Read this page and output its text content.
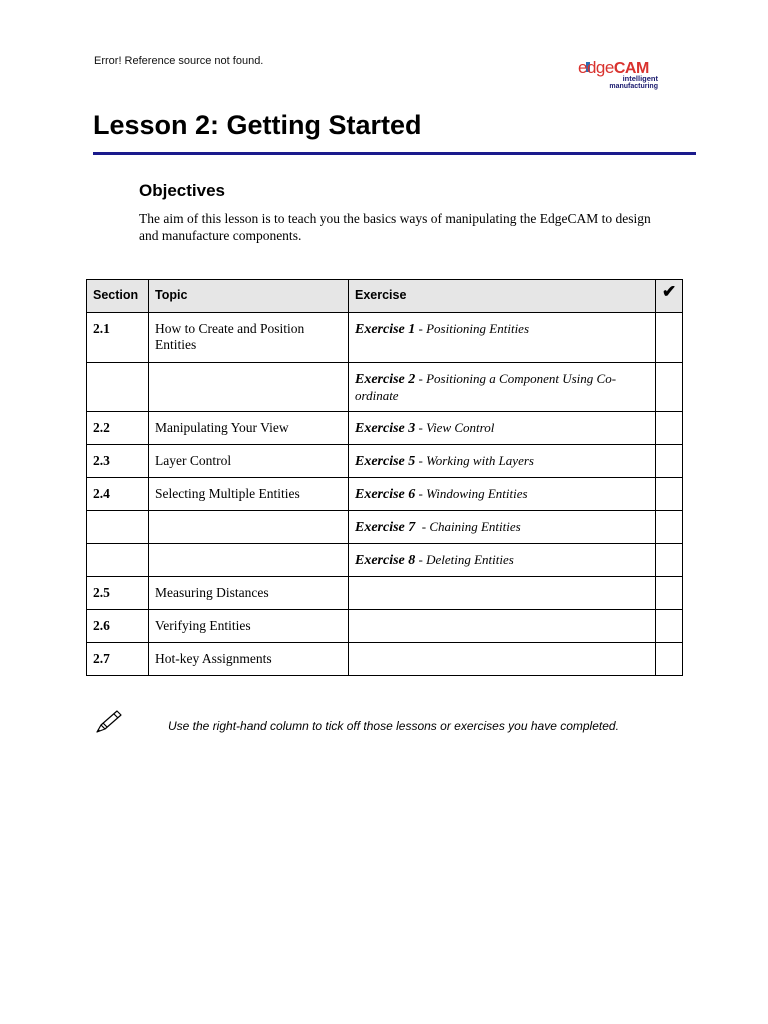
Error! Reference source not found.	edgeCAM
intelligent
manufacturing
Lesson 2: Getting Started
Objectives
The aim of this lesson is to teach you the basics ways of manipulating the EdgeCAM to design and manufacture components.
Section	Topic	Exercise	✔
2.1	How to Create and Position Entities	Exercise 1 - Positioning Entities	
		Exercise 2 - Positioning a Component Using Co-ordinate	
2.2	Manipulating Your View	Exercise 3 - View Control	
2.3	Layer Control	Exercise 5 - Working with Layers	
2.4	Selecting Multiple Entities	Exercise 6 - Windowing Entities	
		Exercise 7  - Chaining Entities	
		Exercise 8 - Deleting Entities	
2.5	Measuring Distances		
2.6	Verifying Entities		
2.7	Hot-key Assignments		
Use the right-hand column to tick off those lessons or exercises you have completed.
